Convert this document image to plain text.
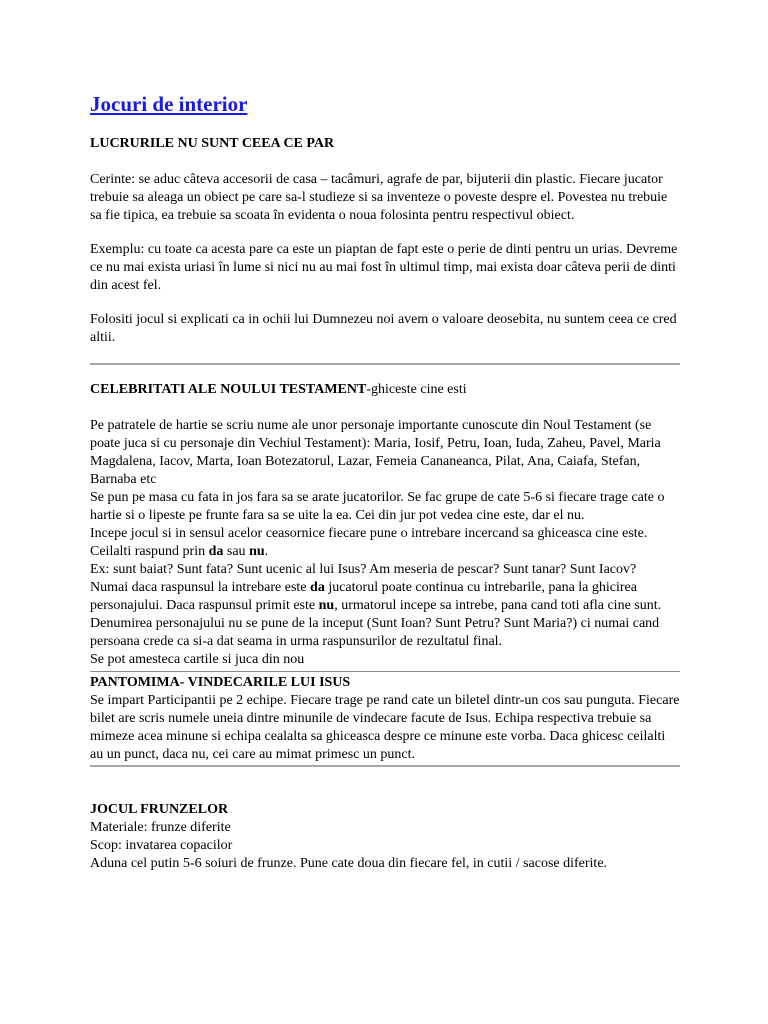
Jocuri de interior
LUCRURILE NU SUNT CEEA CE PAR

Cerinte: se aduc câteva accesorii de casa – tacâmuri, agrafe de par, bijuterii din plastic. Fiecare jucator trebuie sa aleaga un obiect pe care sa-l studieze si sa inventeze o poveste despre el. Povestea nu trebuie sa fie tipica, ea trebuie sa scoata în evidenta o noua folosinta pentru respectivul obiect.

Exemplu: cu toate ca acesta pare ca este un piaptan de fapt este o perie de dinti pentru un urias. Devreme ce nu mai exista uriasi în lume si nici nu au mai fost în ultimul timp, mai exista doar câteva perii de dinti din acest fel.

Folositi jocul si explicati ca in ochii lui Dumnezeu noi avem o valoare deosebita, nu suntem ceea ce cred altii.

CELEBRITATI ALE NOULUI TESTAMENT-ghiceste cine esti

Pe patratele de hartie se scriu nume ale unor personaje importante cunoscute din Noul Testament (se poate juca si cu personaje din Vechiul Testament): Maria, Iosif, Petru, Ioan, Iuda, Zaheu, Pavel, Maria Magdalena, Iacov, Marta, Ioan Botezatorul, Lazar, Femeia Cananeanca, Pilat, Ana, Caiafa, Stefan, Barnaba etc

Se pun pe masa cu fata in jos fara sa se arate jucatorilor. Se fac grupe de cate 5-6 si fiecare trage cate o hartie si o lipeste pe frunte fara sa se uite la ea. Cei din jur pot vedea cine este, dar el nu.

Incepe jocul si in sensul acelor ceasornice fiecare pune o intrebare incercand sa ghiceasca cine este. Ceilalti raspund prin da sau nu.

Ex: sunt baiat? Sunt fata? Sunt ucenic al lui Isus? Am meseria de pescar? Sunt tanar? Sunt Iacov?

Numai daca raspunsul la intrebare este da jucatorul poate continua cu intrebarile, pana la ghicirea personajului. Daca raspunsul primit este nu, urmatorul incepe sa intrebe, pana cand toti afla cine sunt.

Denumirea personajului nu se pune de la inceput (Sunt Ioan? Sunt Petru? Sunt Maria?) ci numai cand persoana crede ca si-a dat seama in urma raspunsurilor de rezultatul final.

Se pot amesteca cartile si juca din nou

PANTOMIMA- VINDECARILE LUI ISUS

Se impart Participantii pe 2 echipe. Fiecare trage pe rand cate un biletel dintr-un cos sau punguta. Fiecare bilet are scris numele uneia dintre minunile de vindecare facute de Isus. Echipa respectiva trebuie sa mimeze acea minune si echipa cealalta sa ghiceasca despre ce minune este vorba. Daca ghicesc ceilalti au un punct, daca nu, cei care au mimat primesc un punct.

JOCUL FRUNZELOR

Materiale: frunze diferite

Scop: invatarea copacilor

Aduna cel putin 5-6 soiuri de frunze. Pune cate doua din fiecare fel, in cutii / sacose diferite.
